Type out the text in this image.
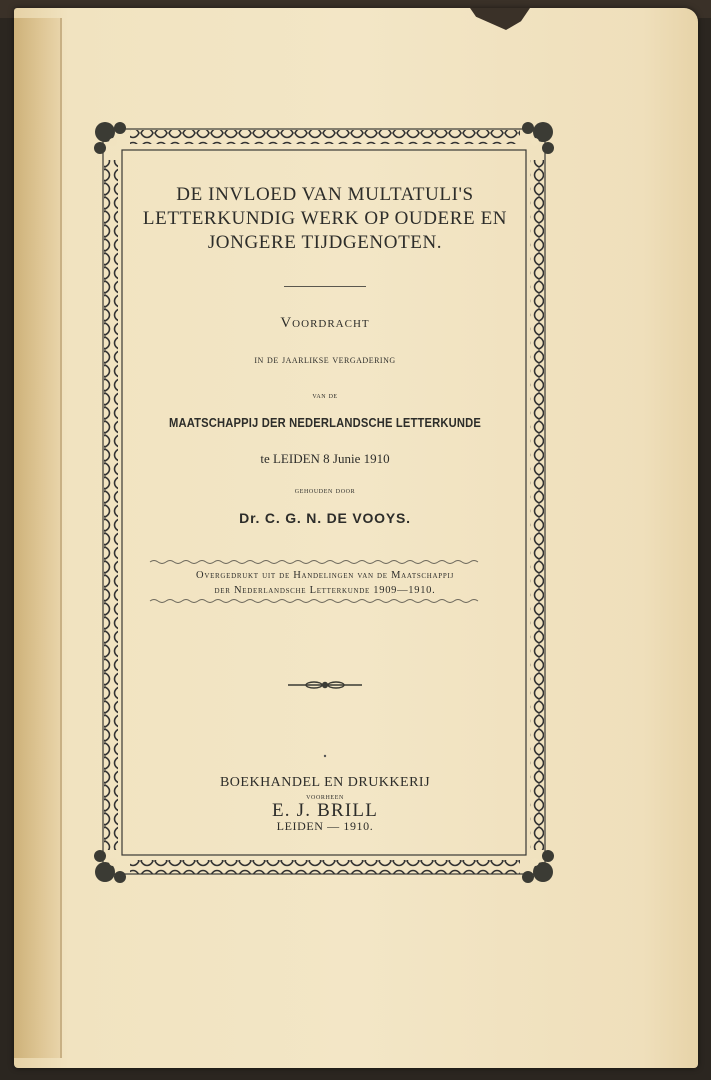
DE INVLOED VAN MULTATULI'S
LETTERKUNDIG WERK OP OUDERE EN
JONGERE TIJDGENOTEN.
Voordracht
in de jaarlikse vergadering
van de
MAATSCHAPPIJ DER NEDERLANDSCHE LETTERKUNDE
te LEIDEN 8 Junie 1910
gehouden door
Dr. C. G. N. DE VOOYS.
Overgedrukt uit de Handelingen van de Maatschappij
der Nederlandsche Letterkunde 1909—1910.
BOEKHANDEL EN DRUKKERIJ
VOORHEEN
E. J. BRILL
LEIDEN — 1910.
